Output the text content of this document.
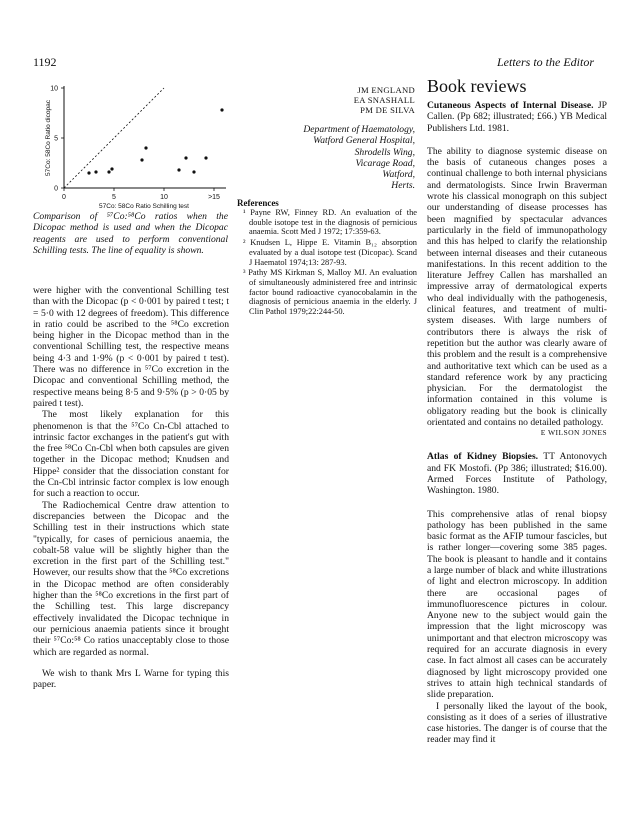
1192	Letters to the Editor
0	5	10	>15
0
5
10
57Co: 58Co Ratio Schilling test
57Co: 58Co Ratio dicopac
Comparison of ⁵⁷Co:⁵⁸Co ratios when the Dicopac method is used and when the Dicopac reagents are used to perform conventional Schilling tests. The line of equality is shown.

were higher with the conventional Schilling test than with the Dicopac (p < 0·001 by paired t test; t = 5·0 with 12 degrees of freedom). This difference in ratio could be ascribed to the ⁵⁸Co excretion being higher in the Dicopac method than in the conventional Schilling test, the respective means being 4·3 and 1·9% (p < 0·001 by paired t test). There was no difference in ⁵⁷Co excretion in the Dicopac and conventional Schilling method, the respective means being 8·5 and 9·5% (p > 0·05 by paired t test).

The most likely explanation for this phenomenon is that the ⁵⁷Co Cn-Cbl attached to intrinsic factor exchanges in the patient's gut with the free ⁵⁸Co Cn-Cbl when both capsules are given together in the Dicopac method; Knudsen and Hippe² consider that the dissociation constant for the Cn-Cbl intrinsic factor complex is low enough for such a reaction to occur.

The Radiochemical Centre draw attention to discrepancies between the Dicopac and the Schilling test in their instructions which state "typically, for cases of pernicious anaemia, the cobalt-58 value will be slightly higher than the excretion in the first part of the Schilling test." However, our results show that the ⁵⁸Co excretions in the Dicopac method are often considerably higher than the ⁵⁸Co excretions in the first part of the Schilling test. This large discrepancy effectively invalidated the Dicopac technique in our pernicious anaemia patients since it brought their ⁵⁷Co:⁵⁸ Co ratios unacceptably close to those which are regarded as normal.

We wish to thank Mrs L Warne for typing this paper.

JM ENGLAND
EA SNASHALL
PM DE SILVA
Department of Haematology,
Watford General Hospital,
Shrodells Wing,
Vicarage Road,
Watford,
Herts.
References

¹ Payne RW, Finney RD. An evaluation of the double isotope test in the diagnosis of pernicious anaemia. Scott Med J 1972; 17:359-63.

² Knudsen L, Hippe E. Vitamin B₁₂ absorption evaluated by a dual isotope test (Dicopac). Scand J Haematol 1974;13: 287-93.

³ Pathy MS Kirkman S, Malloy MJ. An evaluation of simultaneously administered free and intrinsic factor bound radioactive cyanocobalamin in the diagnosis of pernicious anaemia in the elderly. J Clin Pathol 1979;22:244-50.

Book reviews
Cutaneous Aspects of Internal Disease. JP Callen. (Pp 682; illustrated; £66.) YB Medical Publishers Ltd. 1981.
The ability to diagnose systemic disease on the basis of cutaneous changes poses a continual challenge to both internal physicians and dermatologists. Since Irwin Braverman wrote his classical monograph on this subject our understanding of disease processes has been magnified by spectacular advances particularly in the field of immunopathology and this has helped to clarify the relationship between internal diseases and their cutaneous manifestations. In this recent addition to the literature Jeffrey Callen has marshalled an impressive array of dermatological experts who deal individually with the pathogenesis, clinical features, and treatment of multi-system diseases. With large numbers of contributors there is always the risk of repetition but the author was clearly aware of this problem and the result is a comprehensive and authoritative text which can be used as a standard reference work by any practicing physician. For the dermatologist the information contained in this volume is obligatory reading but the book is clinically orientated and contains no detailed pathology.
E WILSON JONES
Atlas of Kidney Biopsies. TT Antonovych and FK Mostofi. (Pp 386; illustrated; $16.00). Armed Forces Institute of Pathology, Washington. 1980.

This comprehensive atlas of renal biopsy pathology has been published in the same basic format as the AFIP tumour fascicles, but is rather longer—covering some 385 pages. The book is pleasant to handle and it contains a large number of black and white illustrations of light and electron microscopy. In addition there are occasional pages of immunofluorescence pictures in colour. Anyone new to the subject would gain the impression that the light microscopy was unimportant and that electron microscopy was required for an accurate diagnosis in every case. In fact almost all cases can be accurately diagnosed by light microscopy provided one strives to attain high technical standards of slide preparation.

I personally liked the layout of the book, consisting as it does of a series of illustrative case histories. The danger is of course that the reader may find it
